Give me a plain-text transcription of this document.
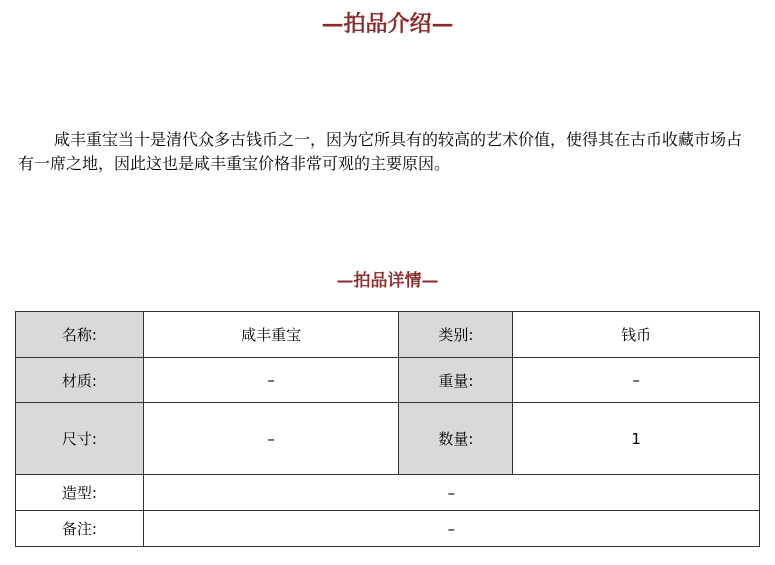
—拍品介绍—

咸丰重宝当十是清代众多古钱币之一，因为它所具有的较高的艺术价值，使得其在古币收藏市场占有一席之地，因此这也是咸丰重宝价格非常可观的主要原因。

—拍品详情—
名称:	咸丰重宝	类别:	钱币
材质:	–	重量:	–
尺寸:	–	数量:	1
造型:	–		
备注:	–		
